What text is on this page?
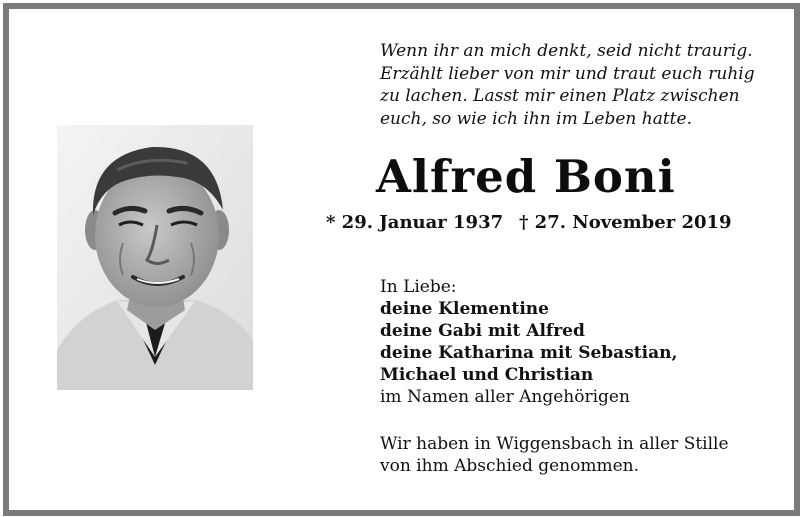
Wenn ihr an mich denkt, seid nicht traurig.
Erzählt lieber von mir und traut euch ruhig
zu lachen. Lasst mir einen Platz zwischen
euch, so wie ich ihn im Leben hatte.
Alfred Boni
* 29. Januar 1937 † 27. November 2019
In Liebe:
deine Klementine
deine Gabi mit Alfred
deine Katharina mit Sebastian,
Michael und Christian
im Namen aller Angehörigen
Wir haben in Wiggensbach in aller Stille
von ihm Abschied genommen.
